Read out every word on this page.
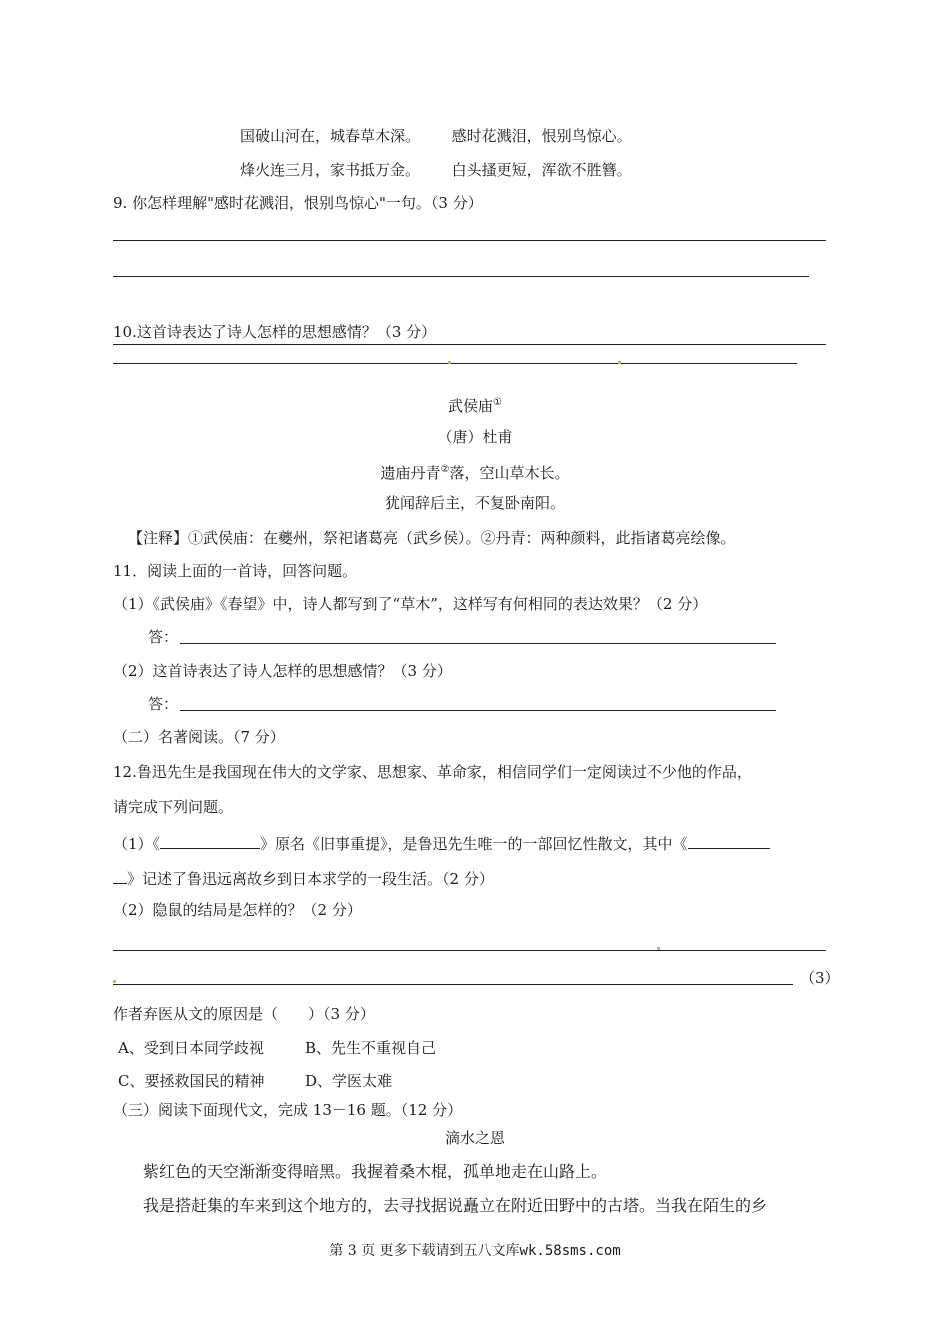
国破山河在，城春草木深。 感时花溅泪，恨别鸟惊心。
烽火连三月，家书抵万金。 白头搔更短，浑欲不胜簪。
9. 你怎样理解"感时花溅泪，恨别鸟惊心"一句。（3 分）
10.这首诗表达了诗人怎样的思想感情？（3 分）
武侯庙①
（唐）杜甫
遗庙丹青②落，空山草木长。
犹闻辞后主，不复卧南阳。
【注释】①武侯庙：在夔州，祭祀诸葛亮（武乡侯）。②丹青：两种颜料，此指诸葛亮绘像。
11．阅读上面的一首诗，回答问题。
（1）《武侯庙》《春望》中，诗人都写到了“草木”，这样写有何相同的表达效果？（2 分）
答：
（2）这首诗表达了诗人怎样的思想感情？（3 分）
答：
（二）名著阅读。（7 分）
12.鲁迅先生是我国现在伟大的文学家、思想家、革命家，相信同学们一定阅读过不少他的作品，
请完成下列问题。
（1）《	》原名《旧事重提》，是鲁迅先生唯一的一部回忆性散文，其中《
》记述了鲁迅远离故乡到日本求学的一段生活。（2 分）
（2）隐鼠的结局是怎样的？（2 分）
（3）
作者弃医从文的原因是（　　）（3 分）
A、受到日本同学歧视	B、先生不重视自己
C、要拯救国民的精神	D、学医太难
（三）阅读下面现代文，完成 13－16 题。（12 分）
滴水之恩
紫红色的天空渐渐变得暗黑。我握着桑木棍，孤单地走在山路上。
我是搭赶集的车来到这个地方的，去寻找据说矗立在附近田野中的古塔。当我在陌生的乡
第 3 页 更多下载请到五八文库wk.58sms.com
